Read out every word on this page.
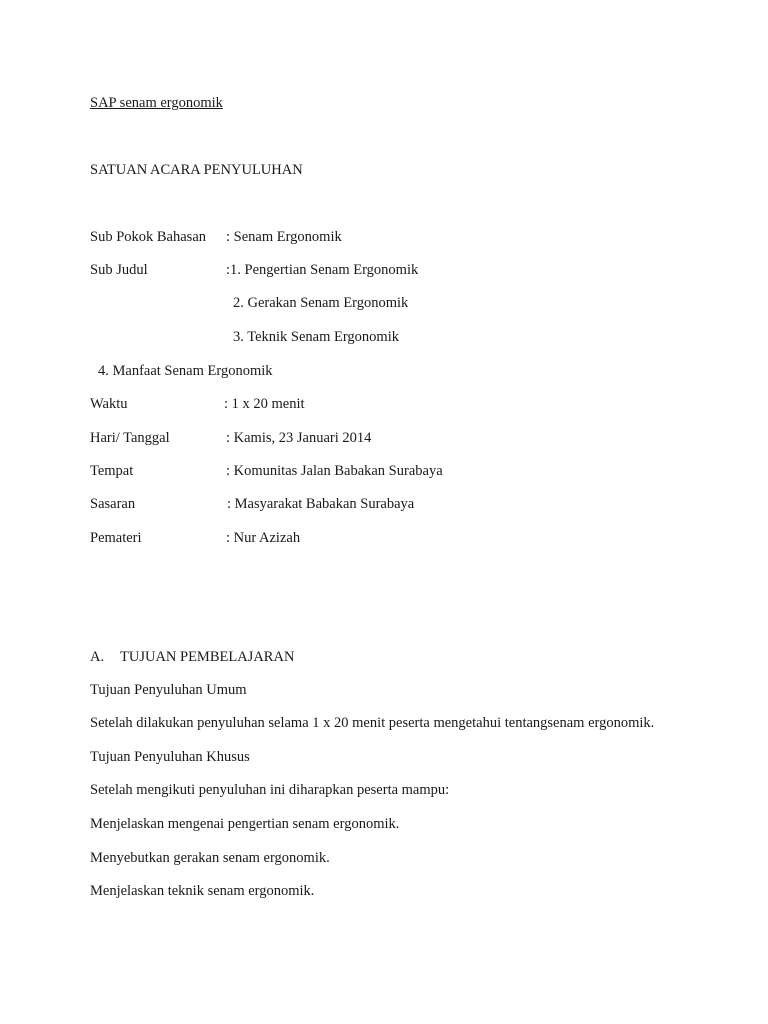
SAP senam ergonomik
SATUAN ACARA PENYULUHAN
Sub Pokok Bahasan : Senam Ergonomik
Sub Judul	:1. Pengertian Senam Ergonomik
2. Gerakan Senam Ergonomik
3. Teknik Senam Ergonomik
4. Manfaat Senam Ergonomik
Waktu	: 1 x 20 menit
Hari/ Tanggal	: Kamis, 23 Januari 2014
Tempat	: Komunitas Jalan Babakan Surabaya
Sasaran	: Masyarakat Babakan Surabaya
Pemateri	: Nur Azizah
A. TUJUAN PEMBELAJARAN
Tujuan Penyuluhan Umum
Setelah dilakukan penyuluhan selama 1 x 20 menit peserta mengetahui tentangsenam ergonomik.
Tujuan Penyuluhan Khusus
Setelah mengikuti penyuluhan ini diharapkan peserta mampu:
Menjelaskan mengenai pengertian senam ergonomik.
Menyebutkan gerakan senam ergonomik.
Menjelaskan teknik senam ergonomik.
